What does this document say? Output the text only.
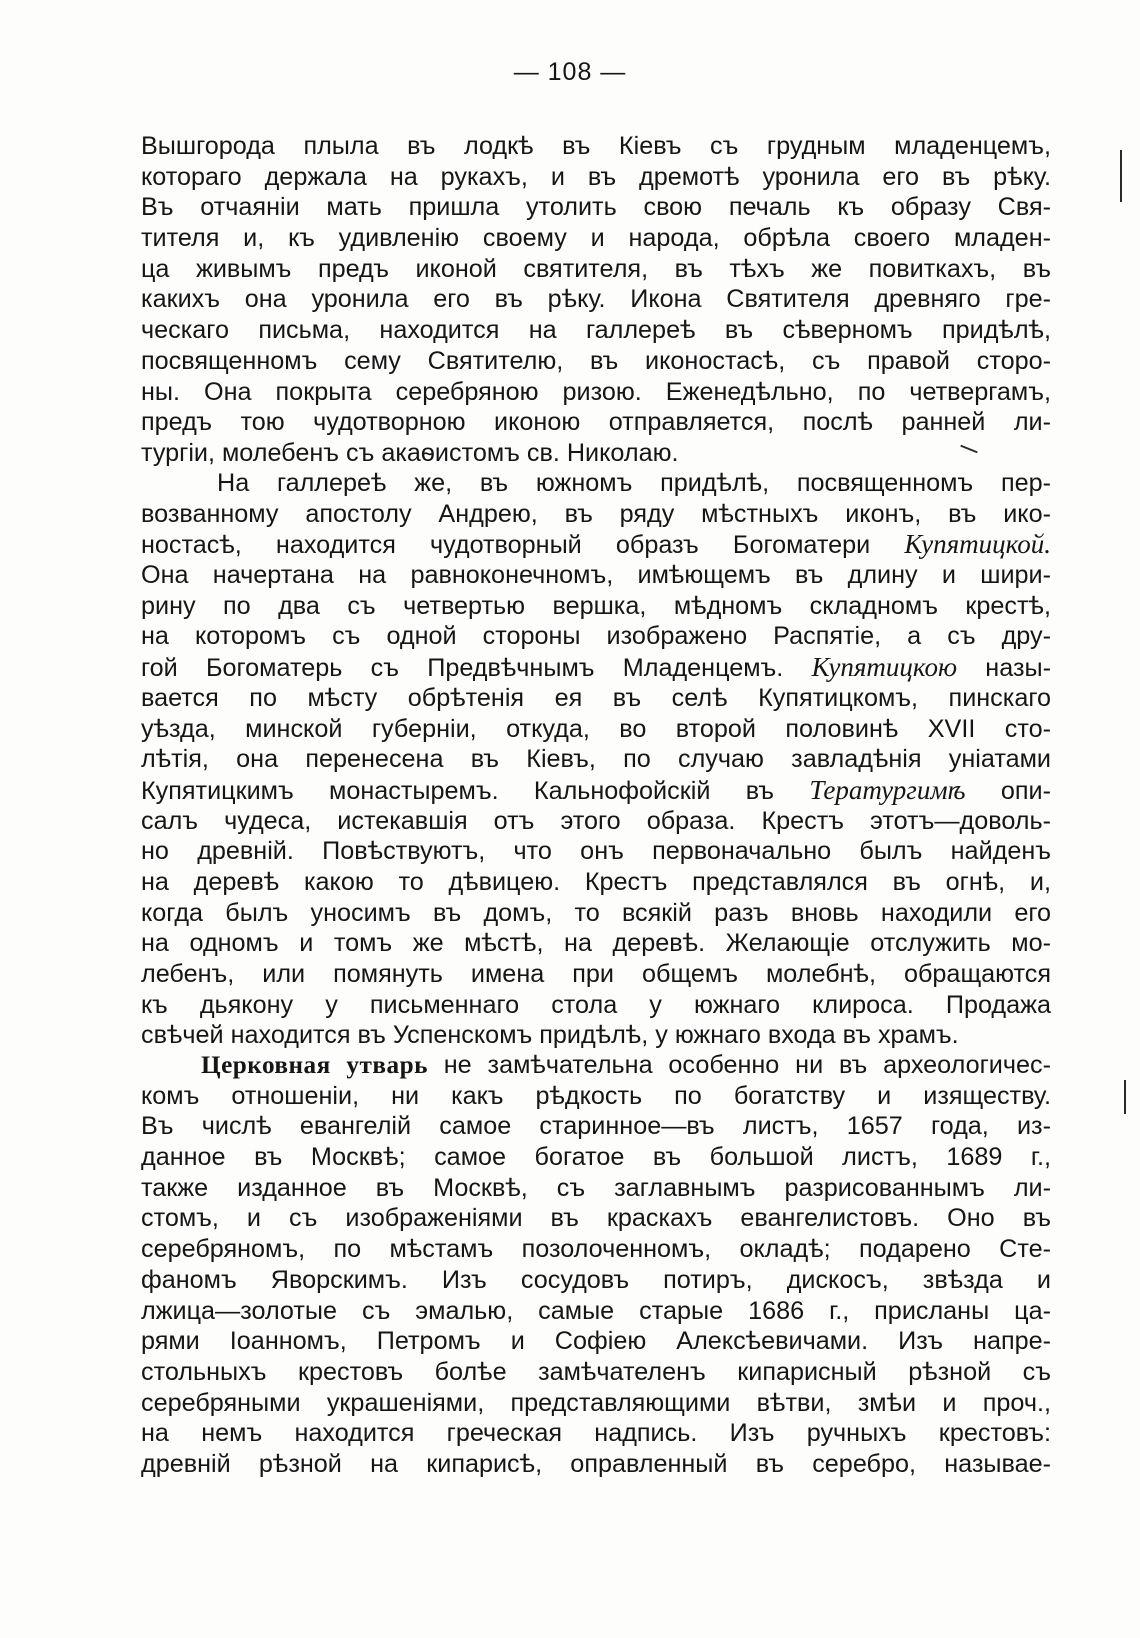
— 108 —
Вышгорода плыла въ лодкѣ въ Кіевъ съ грудным младенцемъ,
котораго держала на рукахъ, и въ дремотѣ уронила его въ рѣку.
Въ отчаяніи мать пришла утолить свою печаль къ образу Свя-
тителя и, къ удивленію своему и народа, обрѣла своего младен-
ца живымъ предъ иконой святителя, въ тѣхъ же повиткахъ, въ
какихъ она уронила его въ рѣку. Икона Святителя древняго гре-
ческаго письма, находится на галлереѣ въ сѣверномъ придѣлѣ,
посвященномъ сему Святителю, въ иконостасѣ, съ правой сторо-
ны. Она покрыта серебряною ризою. Еженедѣльно, по четвергамъ,
предъ тою чудотворною иконою отправляется, послѣ ранней ли-
тургіи, молебенъ съ акаѳистомъ св. Николаю.
На галлереѣ же, въ южномъ придѣлѣ, посвященномъ пер-
возванному апостолу Андрею, въ ряду мѣстныхъ иконъ, въ ико-
ностасѣ, находится чудотворный образъ Богоматери Купятицкой.
Она начертана на равноконечномъ, имѣющемъ въ длину и шири-
рину по два съ четвертью вершка, мѣдномъ складномъ крестѣ,
на которомъ съ одной стороны изображено Распятіе, а съ дру-
гой Богоматерь съ Предвѣчнымъ Младенцемъ. Купятицкою назы-
вается по мѣсту обрѣтенія ея въ селѣ Купятицкомъ, пинскаго
уѣзда, минской губерніи, откуда, во второй половинѣ XVII сто-
лѣтія, она перенесена въ Кіевъ, по случаю завладѣнія уніатами
Купятицкимъ монастыремъ. Кальнофойскій въ Тератургимѣ опи-
салъ чудеса, истекавшія отъ этого образа. Крестъ этотъ—доволь-
но древній. Повѣствуютъ, что онъ первоначально былъ найденъ
на деревѣ какою то дѣвицею. Крестъ представлялся въ огнѣ, и,
когда былъ уносимъ въ домъ, то всякій разъ вновь находили его
на одномъ и томъ же мѣстѣ, на деревѣ. Желающіе отслужить мо-
лебенъ, или помянуть имена при общемъ молебнѣ, обращаются
къ дьякону у письменнаго стола у южнаго клироса. Продажа
свѣчей находится въ Успенскомъ придѣлѣ, у южнаго входа въ храмъ.
Церковная утварь не замѣчательна особенно ни въ археологичес-
комъ отношеніи, ни какъ рѣдкость по богатству и изяществу.
Въ числѣ евангелій самое старинное—въ листъ, 1657 года, из-
данное въ Москвѣ; самое богатое въ большой листъ, 1689 г.,
также изданное въ Москвѣ, съ заглавнымъ разрисованнымъ ли-
стомъ, и съ изображеніями въ краскахъ евангелистовъ. Оно въ
серебряномъ, по мѣстамъ позолоченномъ, окладѣ; подарено Сте-
фаномъ Яворскимъ. Изъ сосудовъ потиръ, дискосъ, звѣзда и
лжица—золотые съ эмалью, самые старые 1686 г., присланы ца-
рями Іоанномъ, Петромъ и Софіею Алексѣевичами. Изъ напре-
стольныхъ крестовъ болѣе замѣчателенъ кипарисный рѣзной съ
серебряными украшеніями, представляющими вѣтви, змѣи и проч.,
на немъ находится греческая надпись. Изъ ручныхъ крестовъ:
древній рѣзной на кипарисѣ, оправленный въ серебро, называе-
